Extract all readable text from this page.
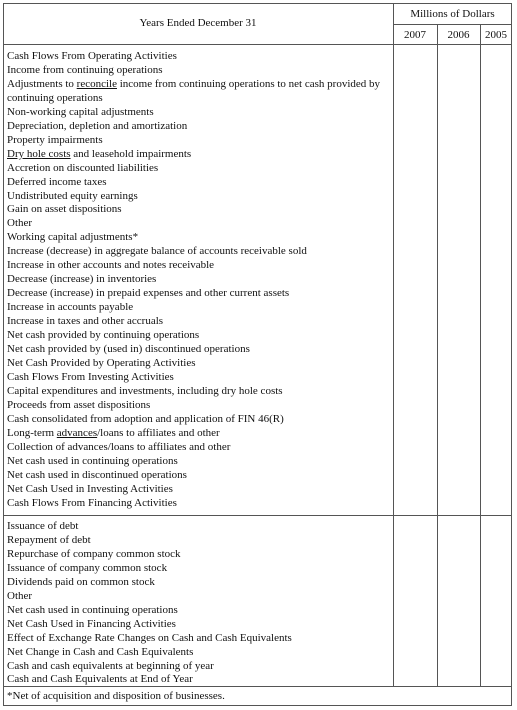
Years Ended December 31
Millions of Dollars
2007	2006	2005
Cash Flows From Operating Activities
Income from continuing operations
Adjustments to reconcile income from continuing operations to net cash provided by continuing operations
Non-working capital adjustments
Depreciation, depletion and amortization
Property impairments
Dry hole costs and leasehold impairments
Accretion on discounted liabilities
Deferred income taxes
Undistributed equity earnings
Gain on asset dispositions
Other
Working capital adjustments*
Increase (decrease) in aggregate balance of accounts receivable sold
Increase in other accounts and notes receivable
Decrease (increase) in inventories
Decrease (increase) in prepaid expenses and other current assets
Increase in accounts payable
Increase in taxes and other accruals
Net cash provided by continuing operations
Net cash provided by (used in) discontinued operations
Net Cash Provided by Operating Activities
Cash Flows From Investing Activities
Capital expenditures and investments, including dry hole costs
Proceeds from asset dispositions
Cash consolidated from adoption and application of FIN 46(R)
Long-term advances/loans to affiliates and other
Collection of advances/loans to affiliates and other
Net cash used in continuing operations
Net cash used in discontinued operations
Net Cash Used in Investing Activities
Cash Flows From Financing Activities
Issuance of debt
Repayment of debt
Repurchase of company common stock
Issuance of company common stock
Dividends paid on common stock
Other
Net cash used in continuing operations
Net Cash Used in Financing Activities
Effect of Exchange Rate Changes on Cash and Cash Equivalents
Net Change in Cash and Cash Equivalents
Cash and cash equivalents at beginning of year
Cash and Cash Equivalents at End of Year
*Net of acquisition and disposition of businesses.
